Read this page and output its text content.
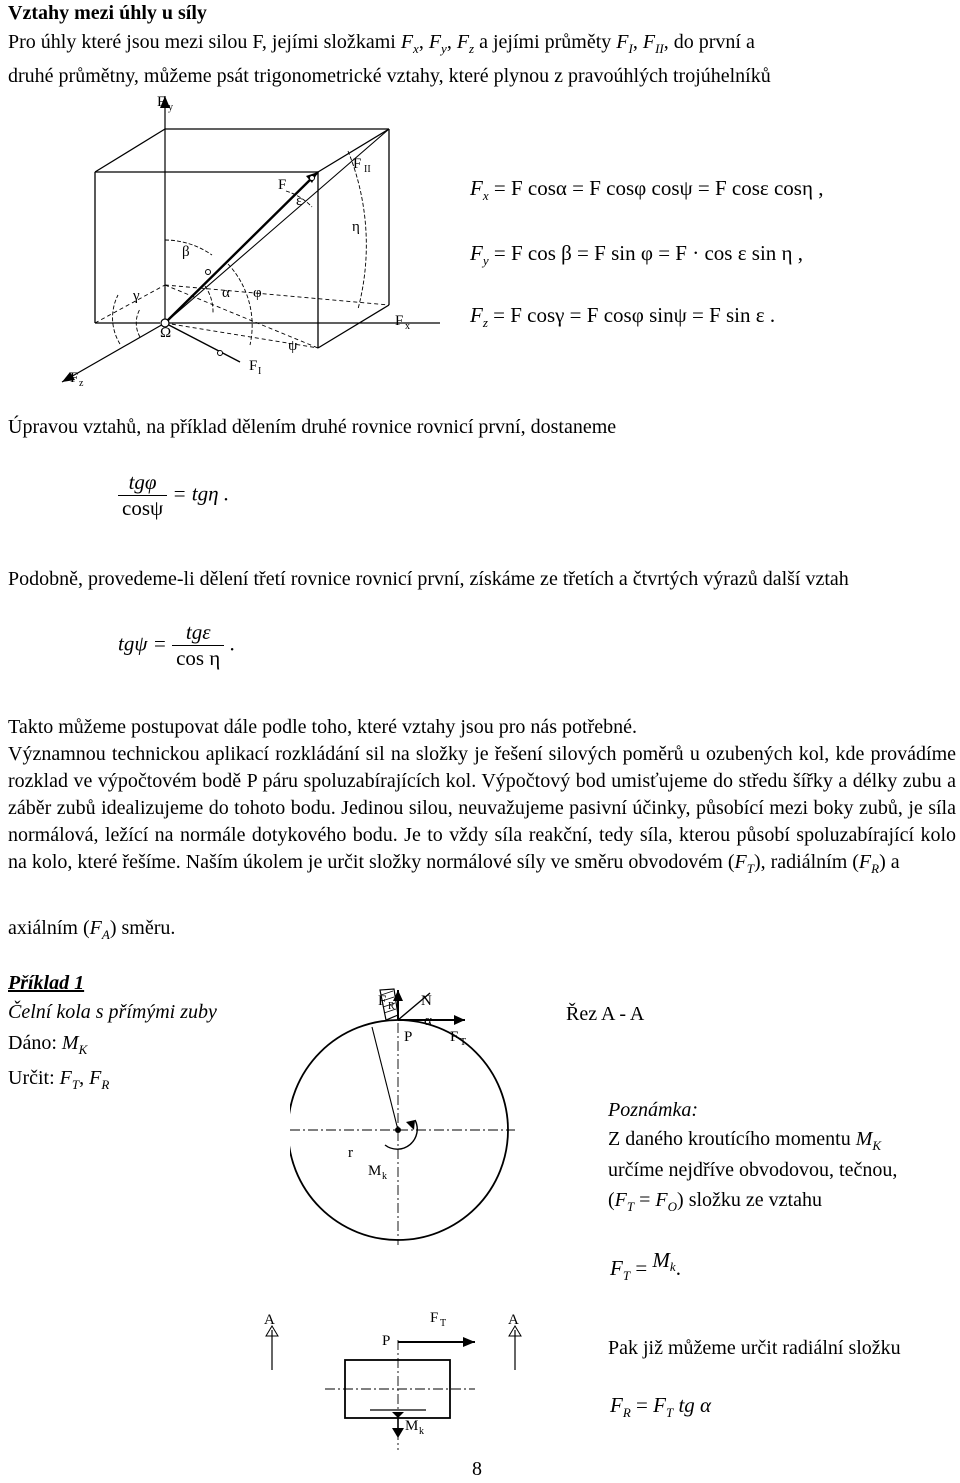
Vztahy mezi úhly u síly
Pro úhly které jsou mezi silou F, jejími složkami $F_x$, $F_y$, $F_z$ a jejími průměty $F_I$, $F_{II}$, do první a
druhé průmětny, můžeme psát trigonometrické vztahy, které plynou z pravoúhlých trojúhelníků
F y
F
F II
ε
η
β
γ	α φ
Ω
ψ
F x
F I
F z
$F_x = F$ cosα = F cosφ cosψ = F cosε cosη ,
$F_y = F$ cos β = F sin φ = F · cos ε sin η ,
$F_z = F$ cosγ = F cosφ sinψ = F sin ε .
Úpravou vztahů, na příklad dělením druhé rovnice rovnicí první, dostaneme
$\frac{\text{tgφ}}{\cos\psi} = tg\eta$ .
Podobně, provedeme-li dělení třetí rovnice rovnicí první, získáme ze třetích a čtvrtých výrazů další vztah
$tg\psi = \frac{\text{tgε}}{\text{cos η}}$ .
Takto můžeme postupovat dále podle toho, které vztahy jsou pro nás potřebné.
Významnou technickou aplikací rozkládání sil na složky je řešení silových poměrů u ozubených kol, kde provádíme rozklad ve výpočtovém bodě P páru spoluzabírajících kol. Výpočtový bod umisťujeme do středu šířky a délky zubu a záběr zubů idealizujeme do tohoto bodu. Jedinou silou, neuvažujeme pasivní účinky, působící mezi boky zubů, je síla normálová, ležící na normále dotykového bodu. Je to vždy síla reakční, tedy síla, kterou působí spoluzabírající kolo na kolo, které řešíme. Naším úkolem je určit složky normálové síly ve směru obvodovém $(F_T)$, radiálním $(F_R)$ a
axiálním $(F_A)$ směru.
Příklad 1
Čelní kola s přímými zuby
Dáno: $M_K$
Určit: $F_T$, $F_R$
F R N
α
P	F T
r
M k
A	A
F T
P
M k
Řez A - A
Poznámka:
Z daného kroutícího momentu $M_K$
určíme nejdříve obvodovou, tečnou,
$(F_T = F_O)$ složku ze vztahu
$F_T = M^k$.
Pak již můžeme určit radiální složku
$F_R = F_T$ tg α
8
